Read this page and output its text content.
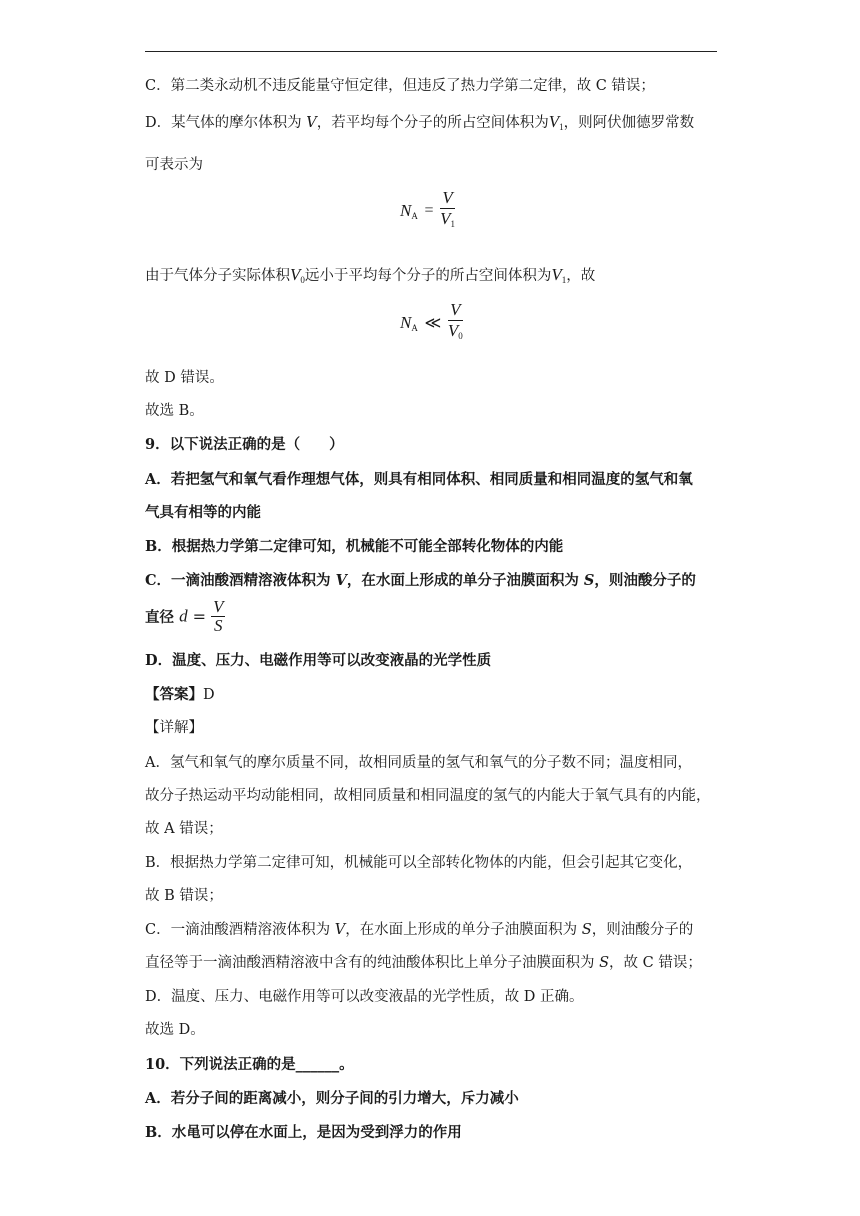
C．第二类永动机不违反能量守恒定律，但违反了热力学第二定律，故 C 错误；
D．某气体的摩尔体积为 V，若平均每个分子的所占空间体积为$V_1$，则阿伏伽德罗常数
可表示为
$N_A = \frac{V}{V_1}$
由于气体分子实际体积$V_0$远小于平均每个分子的所占空间体积为$V_1$，故
$N_A$ ≪ $\frac{V}{V_0}$
故 D 错误。
故选 B。
9．以下说法正确的是（　　）
A．若把氢气和氧气看作理想气体，则具有相同体积、相同质量和相同温度的氢气和氧
气具有相等的内能
B．根据热力学第二定律可知，机械能不可能全部转化物体的内能
C．一滴油酸酒精溶液体积为 V，在水面上形成的单分子油膜面积为 S，则油酸分子的
直径 $d = \frac{V}{S}$
D．温度、压力、电磁作用等可以改变液晶的光学性质
【答案】D
【详解】
A．氢气和氧气的摩尔质量不同，故相同质量的氢气和氧气的分子数不同；温度相同，
故分子热运动平均动能相同，故相同质量和相同温度的氢气的内能大于氧气具有的内能，
故 A 错误；
B．根据热力学第二定律可知，机械能可以全部转化物体的内能，但会引起其它变化，
故 B 错误；
C．一滴油酸酒精溶液体积为 V，在水面上形成的单分子油膜面积为 S，则油酸分子的
直径等于一滴油酸酒精溶液中含有的纯油酸体积比上单分子油膜面积为 S，故 C 错误；
D．温度、压力、电磁作用等可以改变液晶的光学性质，故 D 正确。
故选 D。
10．下列说法正确的是______。
A．若分子间的距离减小，则分子间的引力增大，斥力减小
B．水黾可以停在水面上，是因为受到浮力的作用
